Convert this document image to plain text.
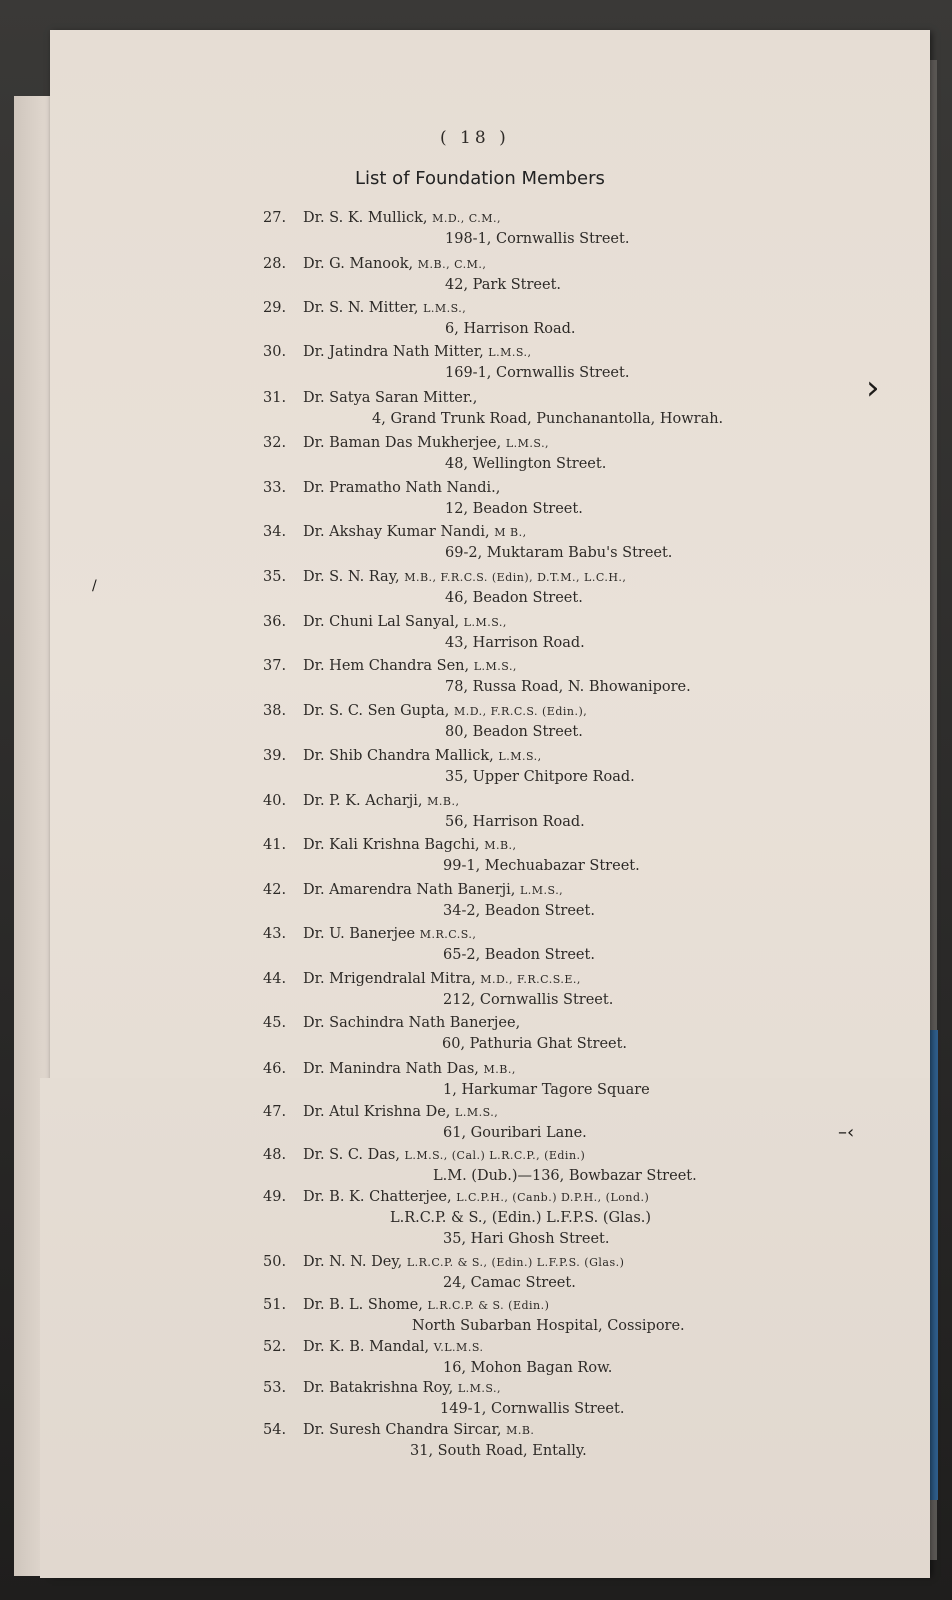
( 18 )
List of Foundation Members
27.	Dr. S. K. Mullick, M.D., C.M.,
198-1, Cornwallis Street.
28.	Dr. G. Manook, M.B., C.M.,
42, Park Street.
29.	Dr. S. N. Mitter, L.M.S.,
6, Harrison Road.
30.	Dr. Jatindra Nath Mitter, L.M.S.,
169-1, Cornwallis Street.
31.	Dr. Satya Saran Mitter.,
4, Grand Trunk Road, Punchanantolla, Howrah.
32.	Dr. Baman Das Mukherjee, L.M.S.,
48, Wellington Street.
33.	Dr. Pramatho Nath Nandi.,
12, Beadon Street.
34.	Dr. Akshay Kumar Nandi, M B.,
69-2, Muktaram Babu's Street.
35.	Dr. S. N. Ray, M.B., F.R.C.S. (Edin), D.T.M., L.C.H.,
46, Beadon Street.
36.	Dr. Chuni Lal Sanyal, L.M.S.,
43, Harrison Road.
37.	Dr. Hem Chandra Sen, L.M.S.,
78, Russa Road, N. Bhowanipore.
38.	Dr. S. C. Sen Gupta, M.D., F.R.C.S. (Edin.),
80, Beadon Street.
39.	Dr. Shib Chandra Mallick, L.M.S.,
35, Upper Chitpore Road.
40.	Dr. P. K. Acharji, M.B.,
56, Harrison Road.
41.	Dr. Kali Krishna Bagchi, M.B.,
99-1, Mechuabazar Street.
42.	Dr. Amarendra Nath Banerji, L.M.S.,
34-2, Beadon Street.
43.	Dr. U. Banerjee M.R.C.S.,
65-2, Beadon Street.
44.	Dr. Mrigendralal Mitra, M.D., F.R.C.S.E.,
212, Cornwallis Street.
45.	Dr. Sachindra Nath Banerjee,
60, Pathuria Ghat Street.
46.	Dr. Manindra Nath Das, M.B.,
1, Harkumar Tagore Square
47.	Dr. Atul Krishna De, L.M.S.,
61, Gouribari Lane.
48.	Dr. S. C. Das, L.M.S., (Cal.) L.R.C.P., (Edin.)
L.M. (Dub.)—136, Bowbazar Street.
49.	Dr. B. K. Chatterjee, L.C.P.H., (Canb.) D.P.H., (Lond.)
L.R.C.P. & S., (Edin.) L.F.P.S. (Glas.)
35, Hari Ghosh Street.
50.	Dr. N. N. Dey, L.R.C.P. & S., (Edin.) L.F.P.S. (Glas.)
24, Camac Street.
51.	Dr. B. L. Shome, L.R.C.P. & S. (Edin.)
North Subarban Hospital, Cossipore.
52.	Dr. K. B. Mandal, V.L.M.S.
16, Mohon Bagan Row.
53.	Dr. Batakrishna Roy, L.M.S.,
149-1, Cornwallis Street.
54.	Dr. Suresh Chandra Sircar, M.B.
31, South Road, Entally.
›
–‹
/
